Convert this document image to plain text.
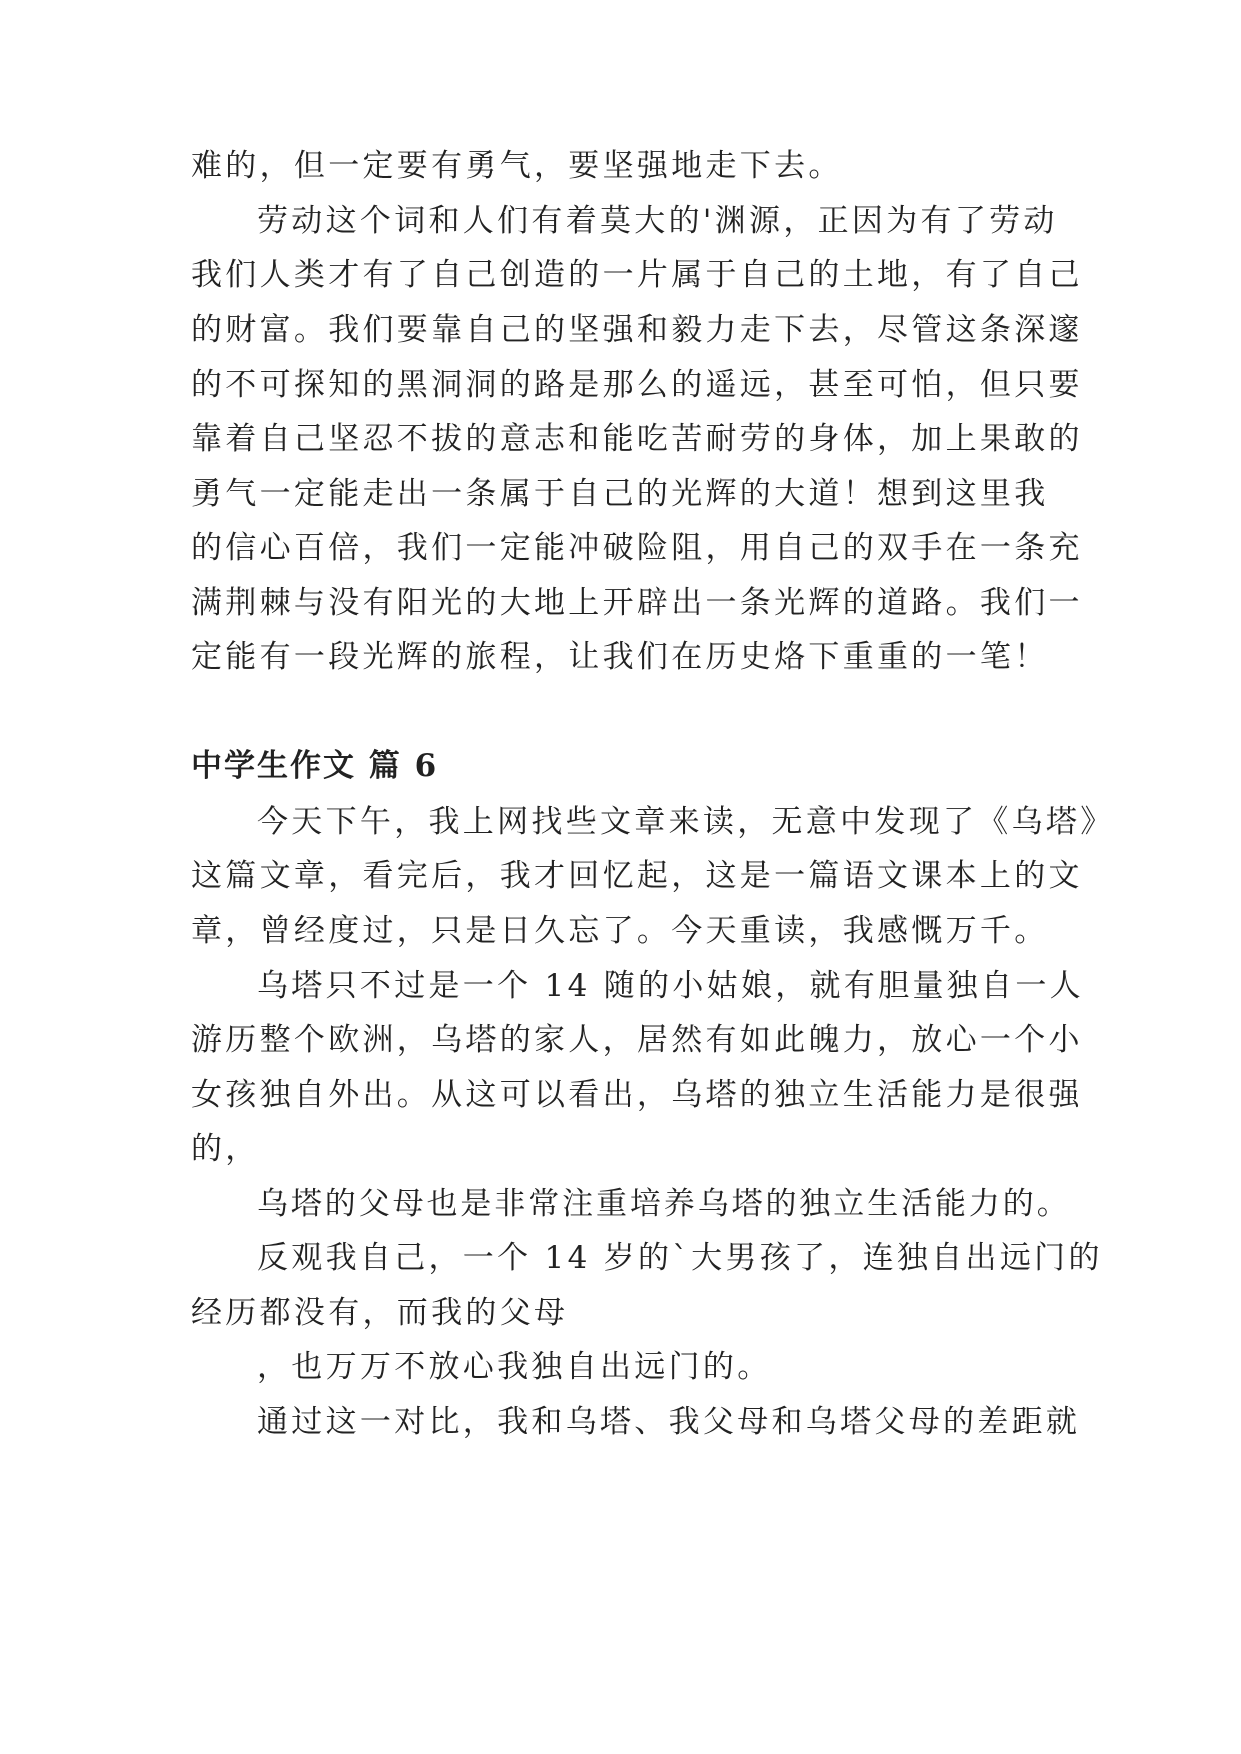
难的，但一定要有勇气，要坚强地走下去。

劳动这个词和人们有着莫大的'渊源，正因为有了劳动

我们人类才有了自己创造的一片属于自己的土地，有了自己

的财富。我们要靠自己的坚强和毅力走下去，尽管这条深邃

的不可探知的黑洞洞的路是那么的遥远，甚至可怕，但只要

靠着自己坚忍不拔的意志和能吃苦耐劳的身体，加上果敢的

勇气一定能走出一条属于自己的光辉的大道！想到这里我

的信心百倍，我们一定能冲破险阻，用自己的双手在一条充

满荆棘与没有阳光的大地上开辟出一条光辉的道路。我们一

定能有一段光辉的旅程，让我们在历史烙下重重的一笔！

中学生作文 篇 6

今天下午，我上网找些文章来读，无意中发现了《乌塔》

这篇文章，看完后，我才回忆起，这是一篇语文课本上的文

章，曾经度过，只是日久忘了。今天重读，我感慨万千。

乌塔只不过是一个 14 随的小姑娘，就有胆量独自一人

游历整个欧洲，乌塔的家人，居然有如此魄力，放心一个小

女孩独自外出。从这可以看出，乌塔的独立生活能力是很强

的，

乌塔的父母也是非常注重培养乌塔的独立生活能力的。

反观我自己，一个 14 岁的`大男孩了，连独自出远门的

经历都没有，而我的父母

，也万万不放心我独自出远门的。

通过这一对比，我和乌塔、我父母和乌塔父母的差距就
